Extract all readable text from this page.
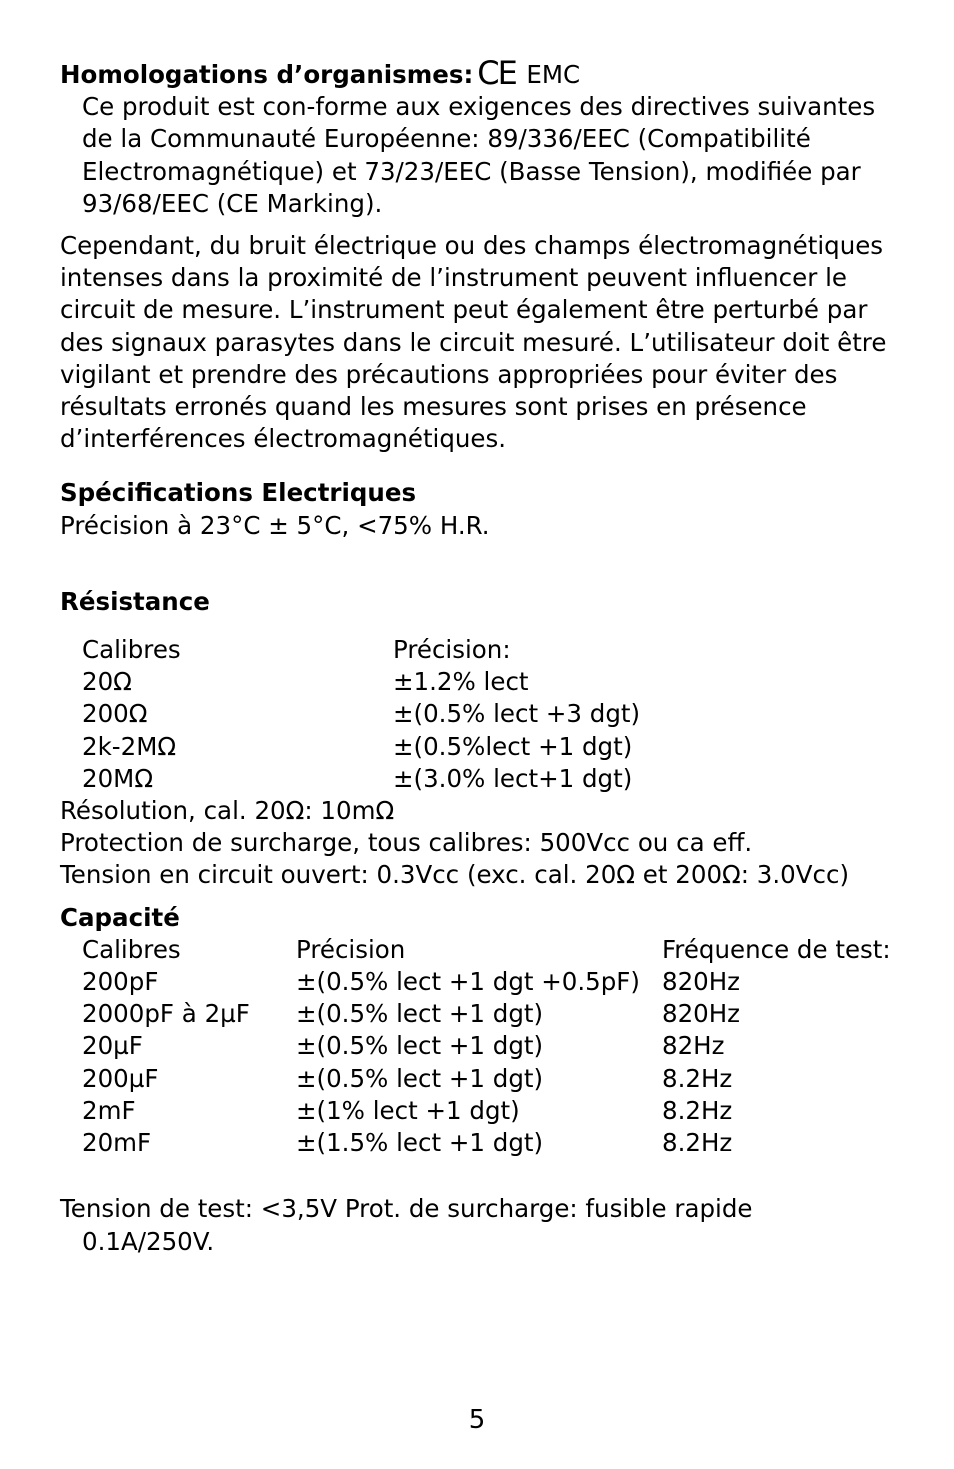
Homologations d’organismes: CE EMC

Ce produit est con-forme aux exigences des directives suivantes de la Communauté Européenne: 89/336/EEC (Compatibilité Electromagnétique) et 73/23/EEC (Basse Tension), modifiée par 93/68/EEC (CE Marking).

Cependant, du bruit électrique ou des champs électromagnétiques intenses dans la proximité de l’instrument peuvent influencer le circuit de mesure. L’instrument peut également être perturbé par des signaux parasytes dans le circuit mesuré. L’utilisateur doit être vigilant et prendre des précautions appropriées pour éviter des résultats erronés quand les mesures sont prises en présence d’interférences électromagnétiques.

Spécifications Electriques

Précision à 23°C ± 5°C, <75% H.R.

Résistance
Calibres	Précision:
20Ω	±1.2% lect
200Ω	±(0.5% lect +3 dgt)
2k-2MΩ	±(0.5%lect +1 dgt)
20MΩ	±(3.0% lect+1 dgt)

Résolution, cal. 20Ω: 10mΩ

Protection de surcharge, tous calibres: 500Vcc ou ca eff.

Tension en circuit ouvert: 0.3Vcc (exc. cal. 20Ω et 200Ω: 3.0Vcc)

Capacité
Calibres	Précision	Fréquence de test:
200pF	±(0.5% lect +1 dgt +0.5pF)	820Hz
2000pF à 2µF	±(0.5% lect +1 dgt)	820Hz
20µF	±(0.5% lect +1 dgt)	82Hz
200µF	±(0.5% lect +1 dgt)	8.2Hz
2mF	±(1% lect +1 dgt)	8.2Hz
20mF	±(1.5% lect +1 dgt)	8.2Hz

Tension de test: <3,5V Prot. de surcharge: fusible rapide

0.1A/250V.

5
